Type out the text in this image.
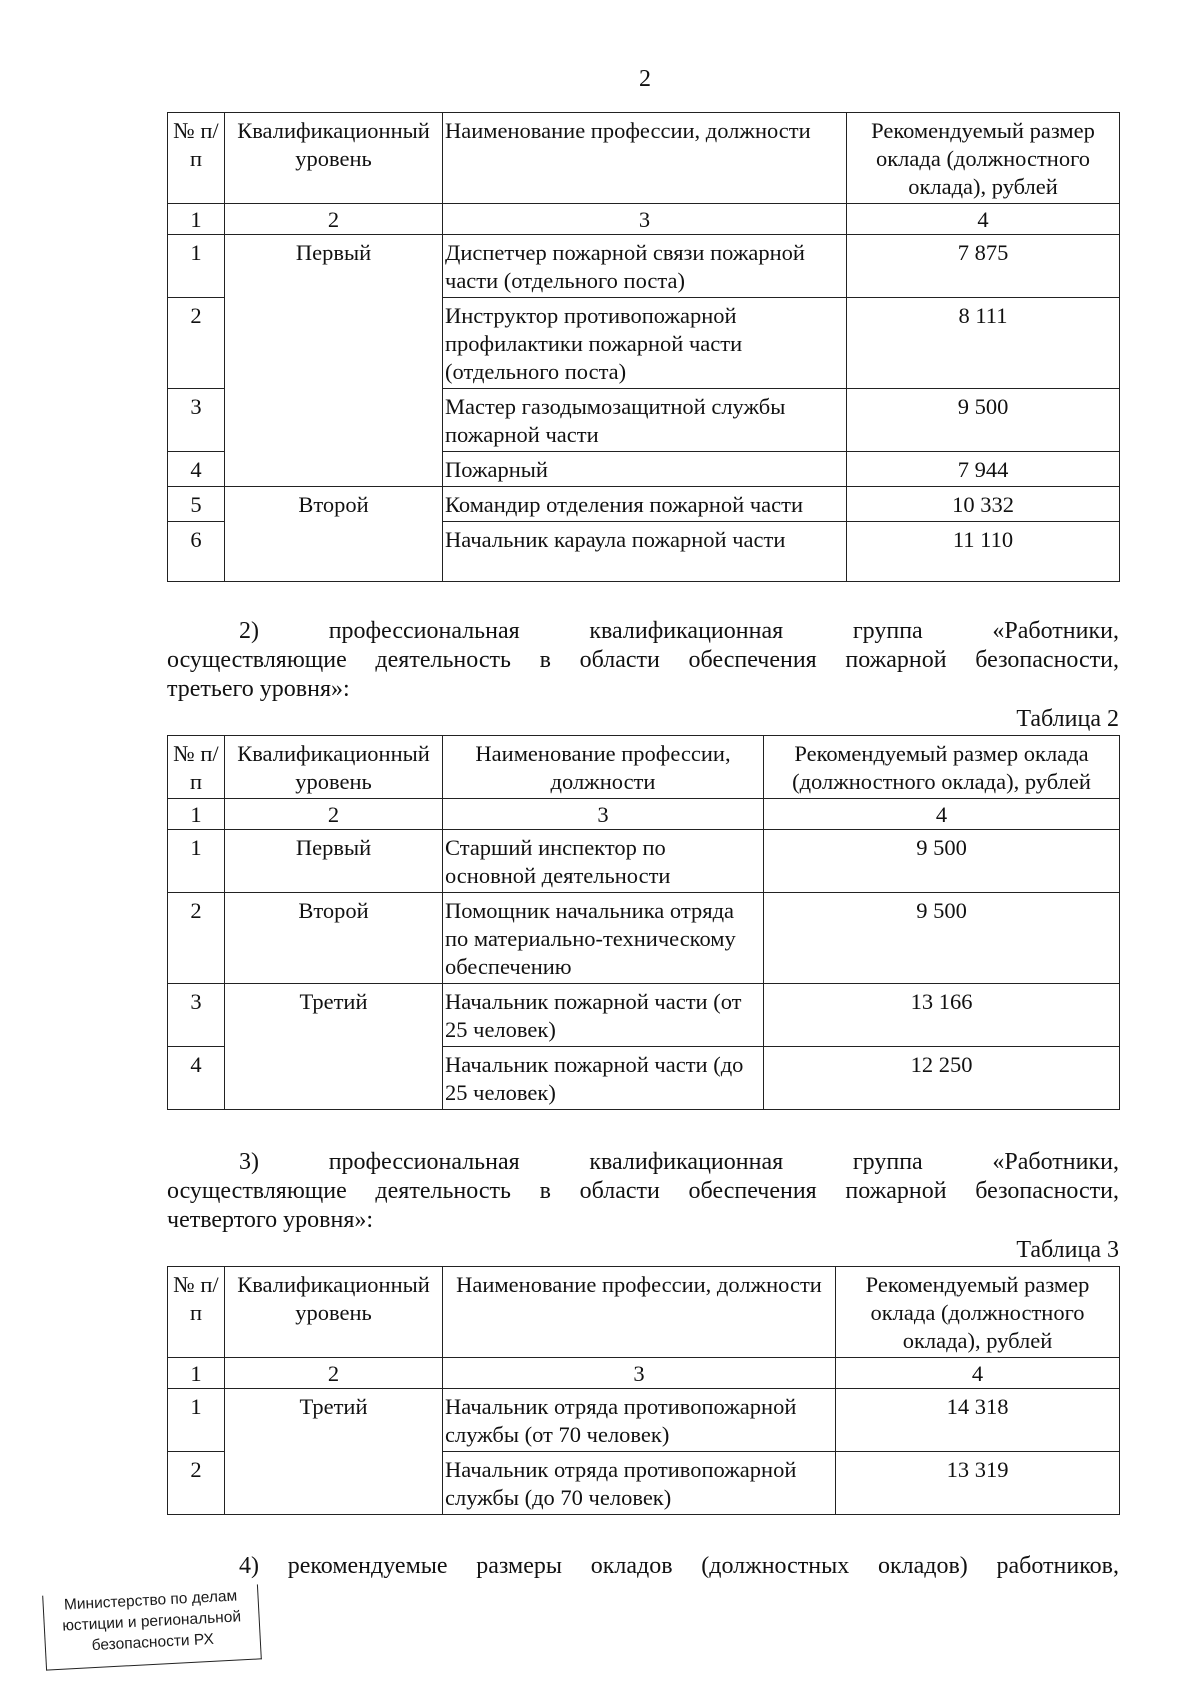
2
№ п/п	Квалификационный уровень	Наименование профессии, должности	Рекомендуемый размер оклада (должностного оклада), рублей
1	2	3	4
1	Первый	Диспетчер пожарной связи пожарной части (отдельного поста)	7 875
2		Инструктор противопожарной профилактики пожарной части (отдельного поста)	8 111
3		Мастер газодымозащитной службы пожарной части	9 500
4		Пожарный	7 944
5	Второй	Командир отделения пожарной части	10 332
6		Начальник караула пожарной части	11 110
2) профессиональная квалификационная группа «Работники,
осуществляющие деятельность в области обеспечения пожарной безопасности,
третьего уровня»:
Таблица 2
№ п/п	Квалификационный уровень	Наименование профессии, должности	Рекомендуемый размер оклада (должностного оклада), рублей
1	2	3	4
1	Первый	Старший инспектор по основной деятельности	9 500
2	Второй	Помощник начальника отряда по материально-техническому обеспечению	9 500
3	Третий	Начальник пожарной части (от 25 человек)	13 166
4		Начальник пожарной части (до 25 человек)	12 250
3) профессиональная квалификационная группа «Работники,
осуществляющие деятельность в области обеспечения пожарной безопасности,
четвертого уровня»:
Таблица 3
№ п/п	Квалификационный уровень	Наименование профессии, должности	Рекомендуемый размер оклада (должностного оклада), рублей
1	2	3	4
1	Третий	Начальник отряда противопожарной службы (от 70 человек)	14 318
2		Начальник отряда противопожарной службы (до 70 человек)	13 319
4) рекомендуемые размеры окладов (должностных окладов) работников,
Министерство по делам
юстиции и региональной
безопасности РХ
